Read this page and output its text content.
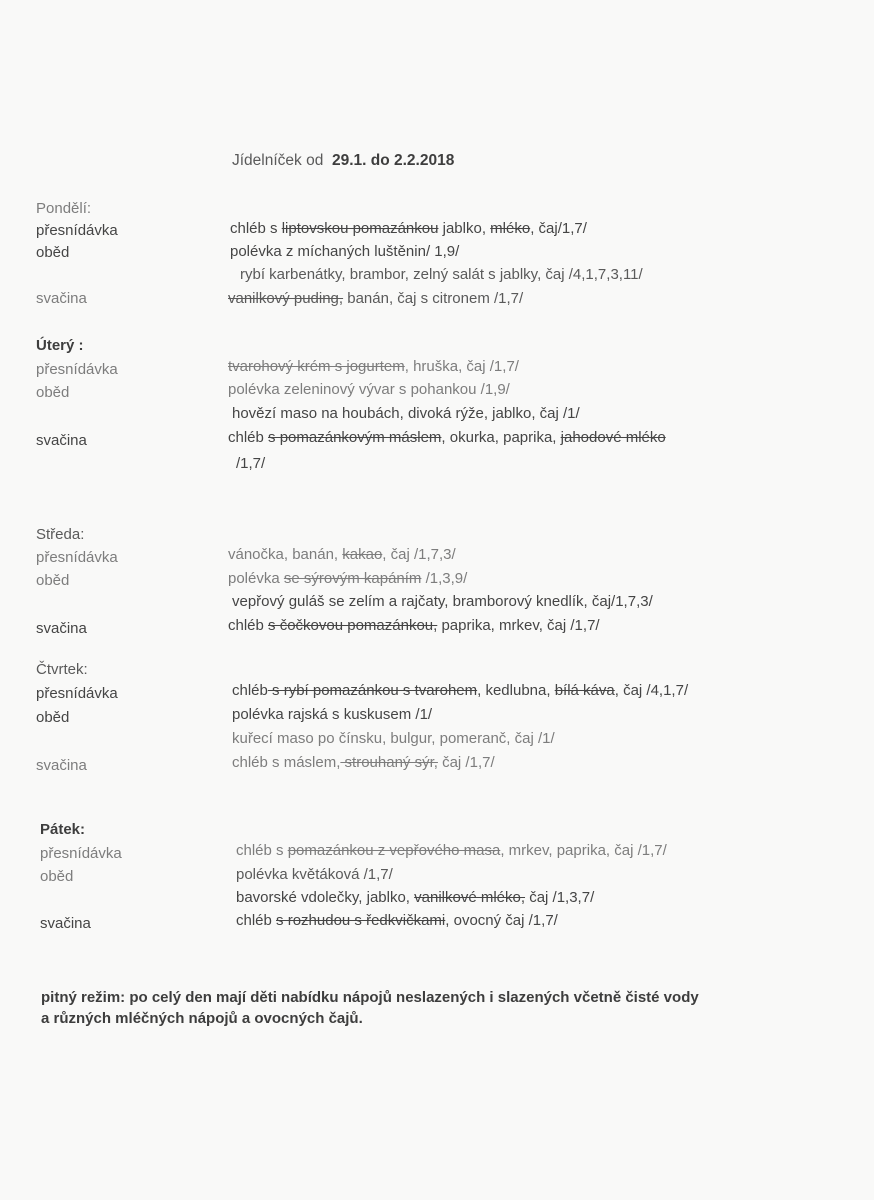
Jídelníček od 29.1. do 2.2.2018
Pondělí:
přesnídávka
oběd
svačina
chléb s liptovskou pomazánkou jablko, mléko, čaj/1,7/
polévka z míchaných luštěnin/ 1,9/
rybí karbenátky, brambor, zelný salát s jablky, čaj /4,1,7,3,11/
vanilkový puding, banán, čaj s citronem /1,7/
Úterý :
přesnídávka
oběd
svačina
tvarohový krém s jogurtem, hruška, čaj /1,7/
polévka zeleninový vývar s pohankou /1,9/
hovězí maso na houbách, divoká rýže, jablko, čaj /1/
chléb s pomazánkovým máslem, okurka, paprika, jahodové mléko
/1,7/
Středa:
přesnídávka
oběd
svačina
vánočka, banán, kakao, čaj /1,7,3/
polévka se sýrovým kapáním /1,3,9/
vepřový guláš se zelím a rajčaty, bramborový knedlík, čaj/1,7,3/
chléb s čočkovou pomazánkou, paprika, mrkev, čaj /1,7/
Čtvrtek:
přesnídávka
oběd
svačina
chléb s rybí pomazánkou s tvarohem, kedlubna, bílá káva, čaj /4,1,7/
polévka rajská s kuskusem /1/
kuřecí maso po čínsku, bulgur, pomeranč, čaj /1/
chléb s máslem, strouhaný sýr, čaj /1,7/
Pátek:
přesnídávka
oběd
svačina
chléb s pomazánkou z vepřového masa, mrkev, paprika, čaj /1,7/
polévka květáková /1,7/
bavorské vdolečky, jablko, vanilkové mléko, čaj /1,3,7/
chléb s rozhudou s ředkvičkami, ovocný čaj /1,7/
pitný režim: po celý den mají děti nabídku nápojů neslazených i slazených včetně čisté vody
a různých mléčných nápojů a ovocných čajů.
